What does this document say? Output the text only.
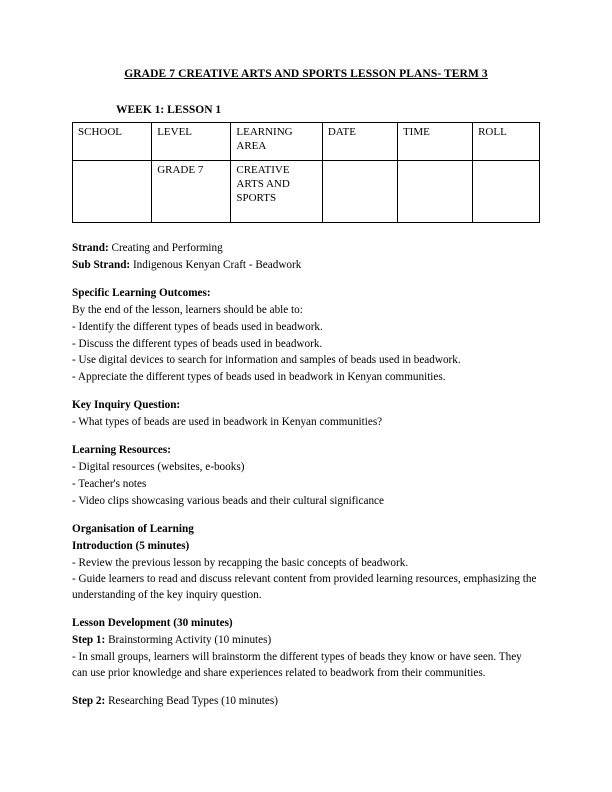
GRADE 7 CREATIVE ARTS AND SPORTS LESSON PLANS- TERM 3
WEEK 1: LESSON 1
SCHOOL	LEVEL	LEARNING AREA	DATE	TIME	ROLL
	GRADE 7	CREATIVE ARTS AND SPORTS			
Strand: Creating and Performing
Sub Strand: Indigenous Kenyan Craft - Beadwork
Specific Learning Outcomes:
By the end of the lesson, learners should be able to:
- Identify the different types of beads used in beadwork.
- Discuss the different types of beads used in beadwork.
- Use digital devices to search for information and samples of beads used in beadwork.
- Appreciate the different types of beads used in beadwork in Kenyan communities.
Key Inquiry Question:
- What types of beads are used in beadwork in Kenyan communities?
Learning Resources:
- Digital resources (websites, e-books)
- Teacher's notes
- Video clips showcasing various beads and their cultural significance
Organisation of Learning
Introduction (5 minutes)
- Review the previous lesson by recapping the basic concepts of beadwork.
- Guide learners to read and discuss relevant content from provided learning resources, emphasizing the understanding of the key inquiry question.
Lesson Development (30 minutes)
Step 1: Brainstorming Activity (10 minutes)
- In small groups, learners will brainstorm the different types of beads they know or have seen. They can use prior knowledge and share experiences related to beadwork from their communities.
Step 2: Researching Bead Types (10 minutes)
